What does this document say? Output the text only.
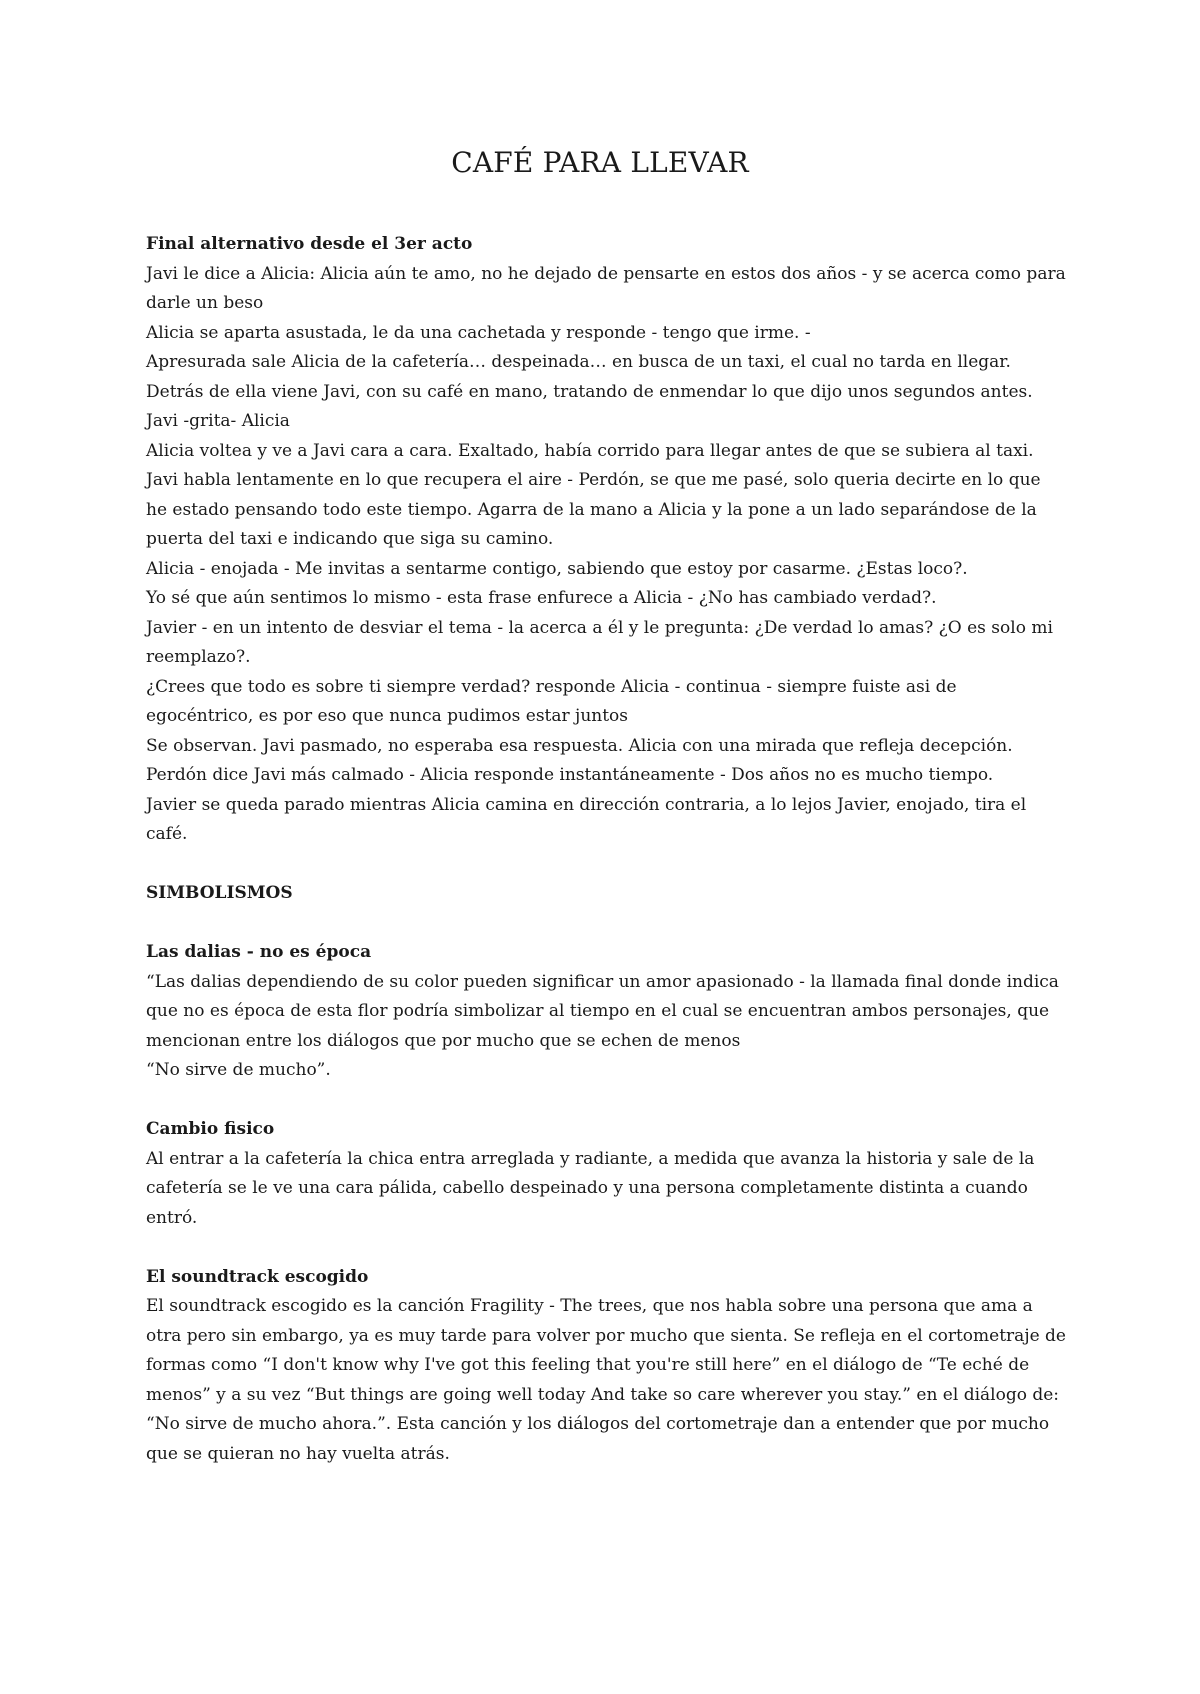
CAFÉ PARA LLEVAR

Final alternativo desde el 3er acto

Javi le dice a Alicia: Alicia aún te amo, no he dejado de pensarte en estos dos años - y se acerca como para darle un beso

Alicia se aparta asustada, le da una cachetada y responde - tengo que irme. -

Apresurada sale Alicia de la cafetería… despeinada… en busca de un taxi, el cual no tarda en llegar.

Detrás de ella viene Javi, con su café en mano, tratando de enmendar lo que dijo unos segundos antes.

Javi -grita- Alicia

Alicia voltea y ve a Javi cara a cara. Exaltado, había corrido para llegar antes de que se subiera al taxi.

Javi habla lentamente en lo que recupera el aire - Perdón, se que me pasé, solo queria decirte en lo que he estado pensando todo este tiempo. Agarra de la mano a Alicia y la pone a un lado separándose de la puerta del taxi e indicando que siga su camino.

Alicia - enojada - Me invitas a sentarme contigo, sabiendo que estoy por casarme. ¿Estas loco?.

Yo sé que aún sentimos lo mismo - esta frase enfurece a Alicia - ¿No has cambiado verdad?.

Javier - en un intento de desviar el tema - la acerca a él y le pregunta: ¿De verdad lo amas? ¿O es solo mi reemplazo?.

¿Crees que todo es sobre ti siempre verdad? responde Alicia - continua - siempre fuiste asi de egocéntrico, es por eso que nunca pudimos estar juntos

Se observan. Javi pasmado, no esperaba esa respuesta. Alicia con una mirada que refleja decepción.

Perdón dice Javi más calmado - Alicia responde instantáneamente - Dos años no es mucho tiempo.

Javier se queda parado mientras Alicia camina en dirección contraria, a lo lejos Javier, enojado, tira el café.

SIMBOLISMOS

Las dalias - no es época

“Las dalias dependiendo de su color pueden significar un amor apasionado - la llamada final donde indica que no es época de esta flor podría simbolizar al tiempo en el cual se encuentran ambos personajes, que mencionan entre los diálogos que por mucho que se echen de menos

“No sirve de mucho”.

Cambio fisico

Al entrar a la cafetería la chica entra arreglada y radiante, a medida que avanza la historia y sale de la cafetería se le ve una cara pálida, cabello despeinado y una persona completamente distinta a cuando entró.

El soundtrack escogido

El soundtrack escogido es la canción Fragility - The trees, que nos habla sobre una persona que ama a otra pero sin embargo, ya es muy tarde para volver por mucho que sienta. Se refleja en el cortometraje de formas como “I don't know why I've got this feeling that you're still here” en el diálogo de “Te eché de menos” y a su vez “But things are going well today And take so care wherever you stay.” en el diálogo de: “No sirve de mucho ahora.”. Esta canción y los diálogos del cortometraje dan a entender que por mucho que se quieran no hay vuelta atrás.
